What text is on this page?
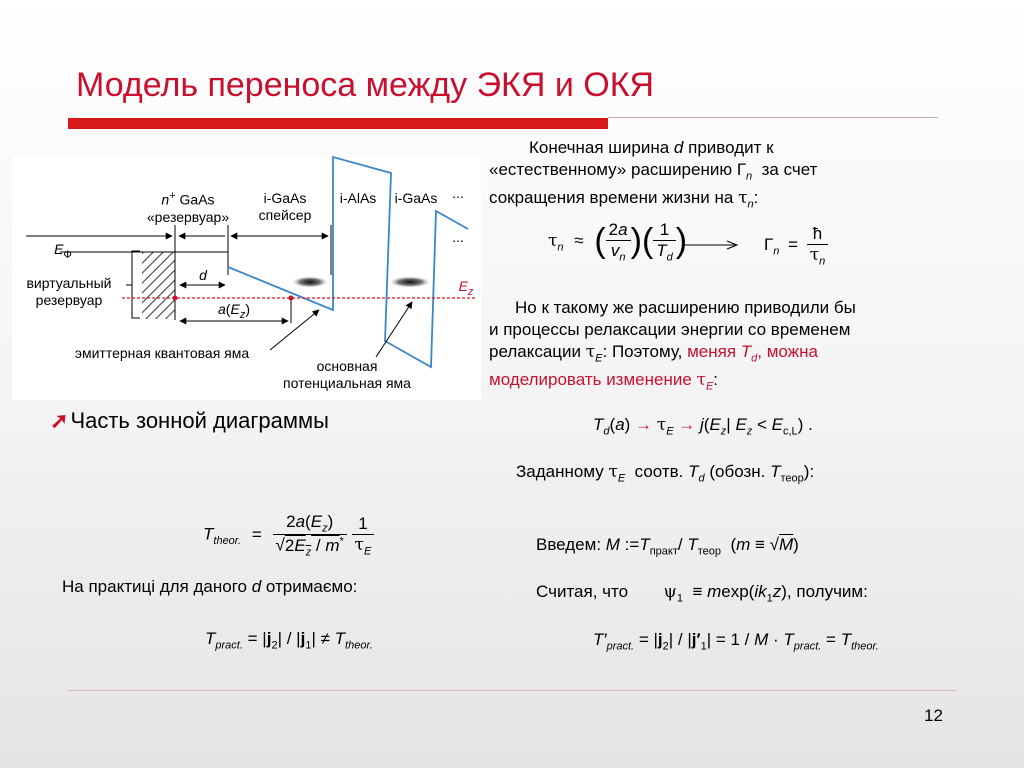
Модель переноса между ЭКЯ и ОКЯ
n+ GaAs
«резервуар»
i-GaAs
спейсер
i-AlAs	i-GaAs	...
...
$E_Ф$
виртуальный
резервуар
d
$a(E_z)$
$E_z$
эмиттерная квантовая яма
основная
потенциальная яма
➚Часть зонной диаграммы
Конечная ширина d приводит к
«естественному» расширению $Г_n$  за счет
сокращения времени жизни на $\tau_n$:
$\tau_n$ ≈ ( $\frac{2a}{v_n}$ )( $\frac{1}{T_d}$ )	$Г_n = \frac{ħ}{\tau_n}$
Но к такому же расширению приводили бы
и процессы релаксации энергии со временем
релаксации $\tau_E$: Поэтому, меняя $T_d$, можна
моделировать изменение $\tau_E$:
$T_d(a) \to \tau_E \to j(E_z|$ $E_z < E_{c,L}$) .
Заданному $\tau_E$  соотв. $T_d$ (обозн. $T_{теор}$):
Введем: M $:=T_{практ}/$ $T_{теор}$  (m ≡ √M)
Считая, что $\psi_1 \equiv mexp(ik_1z)$, получим:
$T'_{pract.} = |j_2| / |j'_1| = 1 / M \cdot T_{pract.} = T_{theor.}$
$T_{theor.} = \frac{2a(E_z)}{√2E_z / m^*}$
$\frac{1}{\tau_E}$
На практиці для даного d отримаємо:
$T_{pract.} = |j_2| / |j_1| \ne T_{theor.}$
12
